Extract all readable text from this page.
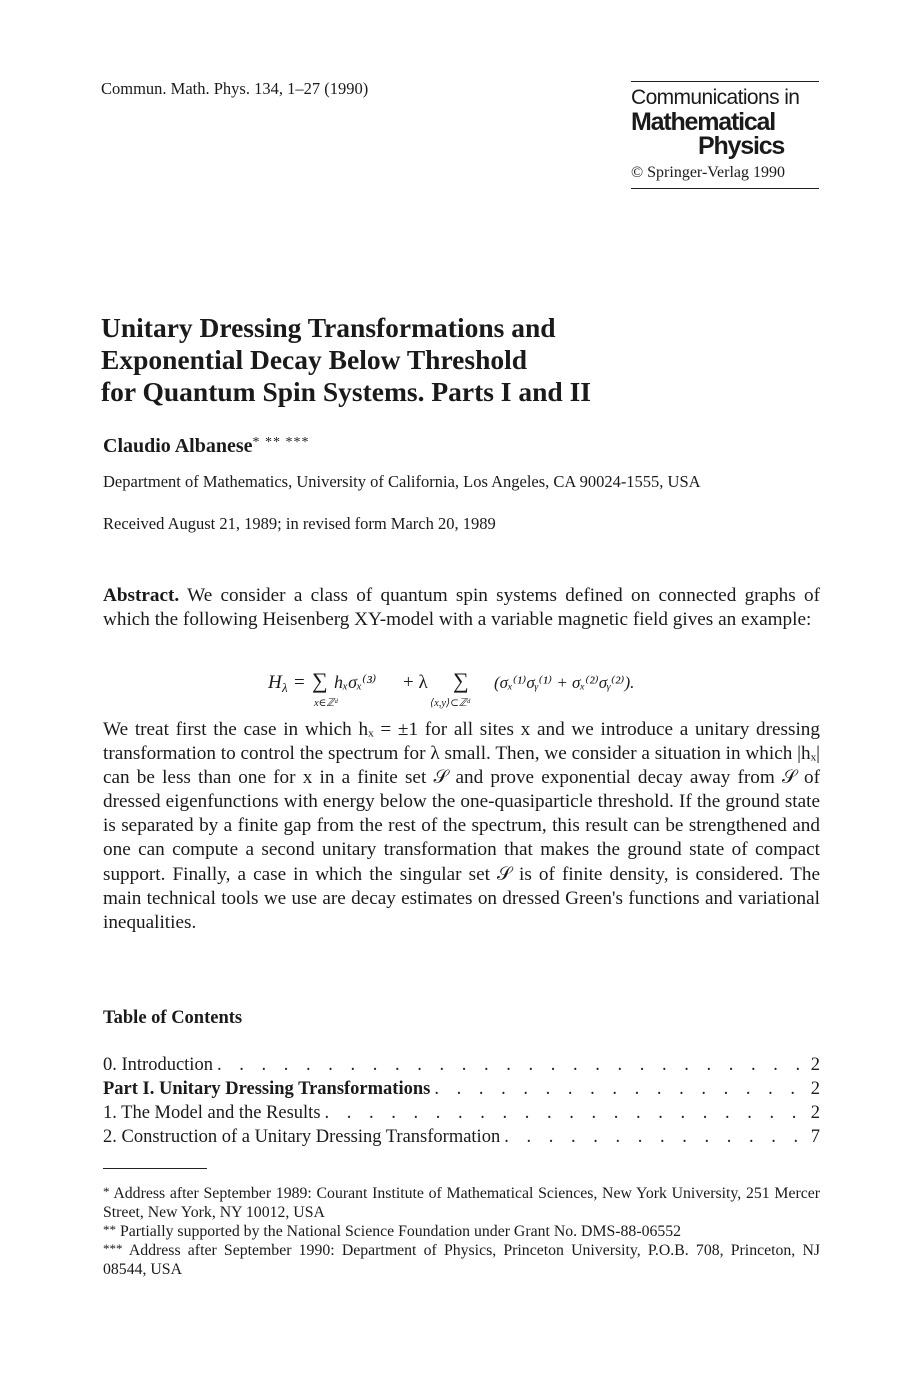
Commun. Math. Phys. 134, 1–27 (1990)	Communications in
Mathematical
Physics
© Springer-Verlag 1990
Unitary Dressing Transformations and
Exponential Decay Below Threshold
for Quantum Spin Systems. Parts I and II
Claudio Albanese* ** ***
Department of Mathematics, University of California, Los Angeles, CA 90024-1555, USA
Received August 21, 1989; in revised form March 20, 1989
Abstract. We consider a class of quantum spin systems defined on connected graphs of which the following Heisenberg XY-model with a variable magnetic field gives an example:
H λ = ∑
x∈ℤᵈ
hₓσₓ⁽³⁾ + λ ∑
⟨x,y⟩⊂ℤᵈ
(σₓ⁽¹⁾σᵧ⁽¹⁾ + σₓ⁽²⁾σᵧ⁽²⁾).
We treat first the case in which hₓ = ±1 for all sites x and we introduce a unitary dressing transformation to control the spectrum for λ small. Then, we consider a situation in which |hₓ| can be less than one for x in a finite set 𝒮 and prove exponential decay away from 𝒮 of dressed eigenfunctions with energy below the one-quasiparticle threshold. If the ground state is separated by a finite gap from the rest of the spectrum, this result can be strengthened and one can compute a second unitary transformation that makes the ground state of compact support. Finally, a case in which the singular set 𝒮 is of finite density, is considered. The main technical tools we use are decay estimates on dressed Green's functions and variational inequalities.
Table of Contents
0. Introduction . . .	2
Part I. Unitary Dressing Transformations . . .	2
1. The Model and the Results . . .	2
2. Construction of a Unitary Dressing Transformation . . .	7
* Address after September 1989: Courant Institute of Mathematical Sciences, New York University, 251 Mercer Street, New York, NY 10012, USA
** Partially supported by the National Science Foundation under Grant No. DMS-88-06552
*** Address after September 1990: Department of Physics, Princeton University, P.O.B. 708, Princeton, NJ 08544, USA
